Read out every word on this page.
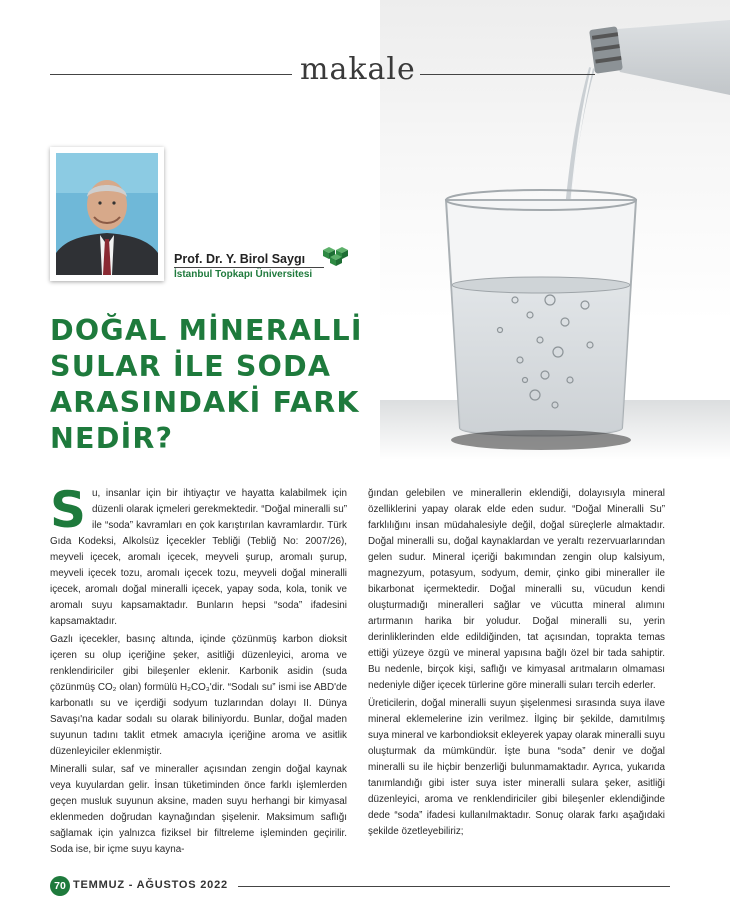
makale
Prof. Dr. Y. Birol Saygı
İstanbul Topkapı Üniversitesi
DOĞAL MİNERALLİ
SULAR İLE SODA
ARASINDAKİ FARK
NEDİR?

Su, insanlar için bir ihtiyaçtır ve hayatta kalabilmek için düzenli olarak içmeleri gerekmektedir. “Doğal mineralli su” ile “soda” kavramları en çok karıştırılan kavramlardır. Türk Gıda Kodeksi, Alkolsüz İçecekler Tebliği (Tebliğ No: 2007/26), meyveli içecek, aromalı içecek, meyveli şurup, aromalı şurup, meyveli içecek tozu, aromalı içecek tozu, meyveli doğal mineralli içecek, aromalı doğal mineralli içecek, yapay soda, kola, tonik ve aromalı suyu kapsamaktadır. Bunların hepsi “soda” ifadesini kapsamaktadır.

Gazlı içecekler, basınç altında, içinde çözünmüş karbon dioksit içeren su olup içeriğine şeker, asitliği düzenleyici, aroma ve renklendiriciler gibi bileşenler eklenir. Karbonik asidin (suda çözünmüş CO₂ olan) formülü H₂CO₃'dir. “Sodalı su” ismi ise ABD'de karbonatlı su ve içerdiği sodyum tuzlarından dolayı II. Dünya Savaşı'na kadar sodalı su olarak biliniyordu. Bunlar, doğal maden suyunun tadını taklit etmek amacıyla içeriğine aroma ve asitlik düzenleyiciler eklenmiştir.

Mineralli sular, saf ve mineraller açısından zengin doğal kaynak veya kuyulardan gelir. İnsan tüketiminden önce farklı işlemlerden geçen musluk suyunun aksine, maden suyu herhangi bir kimyasal eklenmeden doğrudan kaynağından şişelenir. Maksimum saflığı sağlamak için yalnızca fiziksel bir filtreleme işleminden geçirilir. Soda ise, bir içme suyu kayna-

ğından gelebilen ve minerallerin eklendiği, dolayısıyla mineral özelliklerini yapay olarak elde eden sudur. “Doğal Mineralli Su” farklılığını insan müdahalesiyle değil, doğal süreçlerle almaktadır. Doğal mineralli su, doğal kaynaklardan ve yeraltı rezervuarlarından gelen sudur. Mineral içeriği bakımından zengin olup kalsiyum, magnezyum, potasyum, sodyum, demir, çinko gibi mineraller ile bikarbonat içermektedir. Doğal mineralli su, vücudun kendi oluşturmadığı mineralleri sağlar ve vücutta mineral alımını artırmanın harika bir yoludur. Doğal mineralli su, yerin derinliklerinden elde edildiğinden, tat açısından, toprakta temas ettiği yüzeye özgü ve mineral yapısına bağlı özel bir tada sahiptir. Bu nedenle, birçok kişi, saflığı ve kimyasal arıtmaların olmaması nedeniyle diğer içecek türlerine göre mineralli suları tercih ederler.

Üreticilerin, doğal mineralli suyun şişelenmesi sırasında suya ilave mineral eklemelerine izin verilmez. İlginç bir şekilde, damıtılmış suya mineral ve karbondioksit ekleyerek yapay olarak mineralli suyu oluşturmak da mümkündür. İşte buna “soda” denir ve doğal mineralli su ile hiçbir benzerliği bulunmamaktadır. Ayrıca, yukarıda tanımlandığı gibi ister suya ister mineralli sulara şeker, asitliği düzenleyici, aroma ve renklendiriciler gibi bileşenler eklendiğinde dede “soda” ifadesi kullanılmaktadır. Sonuç olarak farkı aşağıdaki şekilde özetleyebiliriz;

70 TEMMUZ - AĞUSTOS 2022
